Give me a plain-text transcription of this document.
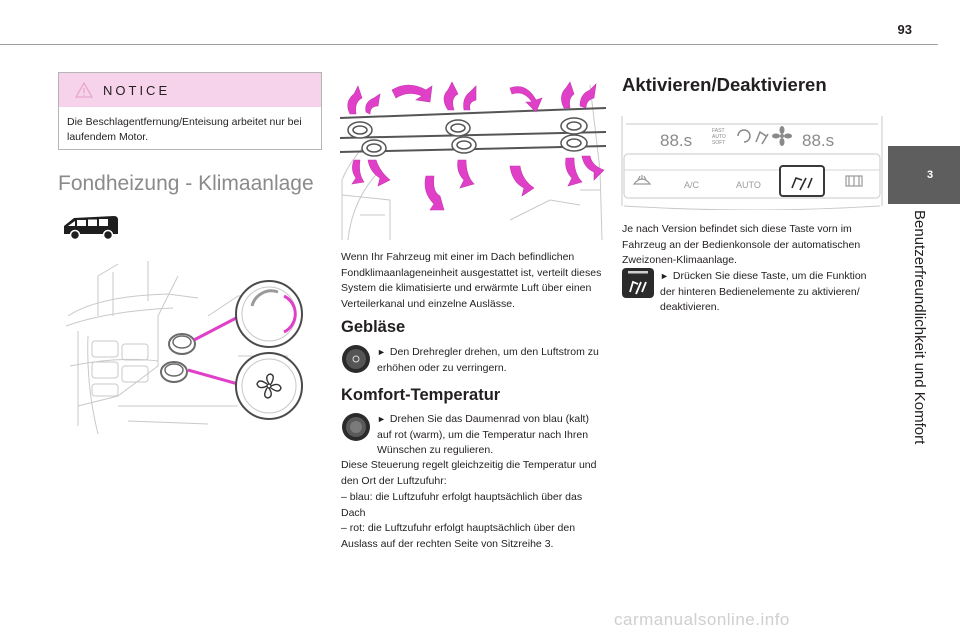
93
3
Benutzerfreundlichkeit und Komfort
NOTICE
Die Beschlagentfernung/Enteisung arbeitet nur bei laufendem Motor.
Fondheizung - Klimaanlage
Wenn Ihr Fahrzeug mit einer im Dach befindlichen Fondklimaanlageneinheit ausgestattet ist, verteilt dieses System die klimatisierte und erwärmte Luft über einen Verteilerkanal und einzelne Auslässe.
Gebläse
► Den Drehregler drehen, um den Luftstrom zu erhöhen oder zu verringern.
Komfort-Temperatur
► Drehen Sie das Daumenrad von blau (kalt) auf rot (warm), um die Temperatur nach Ihren Wünschen zu regulieren.
Diese Steuerung regelt gleichzeitig die Temperatur und den Ort der Luftzufuhr:
– blau: die Luftzufuhr erfolgt hauptsächlich über das Dach
– rot: die Luftzufuhr erfolgt hauptsächlich über den Auslass auf der rechten Seite von Sitzreihe 3.
Aktivieren/Deaktivieren
88.s	FAST
AUTO
SOFT	88.s
A/C	AUTO
Je nach Version befindet sich diese Taste vorn im Fahrzeug an der Bedienkonsole der automatischen Zweizonen-Klimaanlage.
► Drücken Sie diese Taste, um die Funktion der hinteren Bedienelemente zu aktivieren/ deaktivieren.
carmanualsonline.info
